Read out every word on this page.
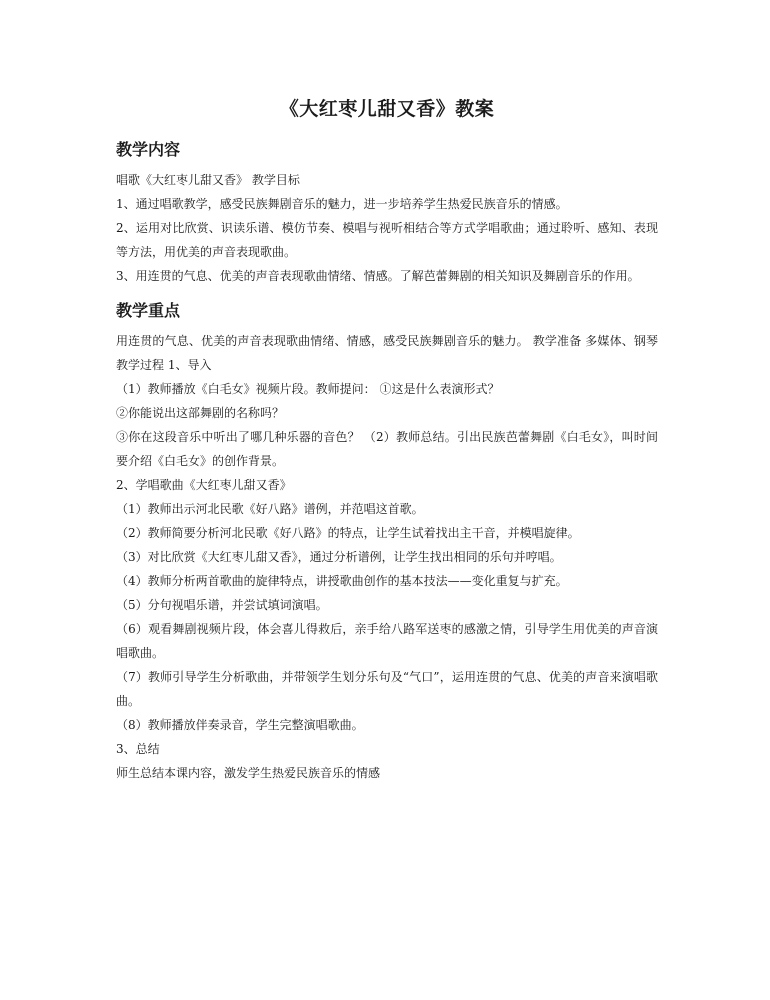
《大红枣儿甜又香》教案
教学内容

唱歌《大红枣儿甜又香》 教学目标

1、通过唱歌教学，感受民族舞剧音乐的魅力，进一步培养学生热爱民族音乐的情感。

2、运用对比欣赏、识读乐谱、模仿节奏、模唱与视听相结合等方式学唱歌曲；通过聆听、感知、表现等方法，用优美的声音表现歌曲。

3、用连贯的气息、优美的声音表现歌曲情绪、情感。了解芭蕾舞剧的相关知识及舞剧音乐的作用。

教学重点

用连贯的气息、优美的声音表现歌曲情绪、情感，感受民族舞剧音乐的魅力。 教学准备 多媒体、钢琴 教学过程 1、导入

（1）教师播放《白毛女》视频片段。教师提问： ①这是什么表演形式？

②你能说出这部舞剧的名称吗？

③你在这段音乐中听出了哪几种乐器的音色？ （2）教师总结。引出民族芭蕾舞剧《白毛女》，叫时间要介绍《白毛女》的创作背景。

2、学唱歌曲《大红枣儿甜又香》

（1）教师出示河北民歌《好八路》谱例，并范唱这首歌。

（2）教师简要分析河北民歌《好八路》的特点，让学生试着找出主干音，并模唱旋律。

（3）对比欣赏《大红枣儿甜又香》，通过分析谱例，让学生找出相同的乐句并哼唱。

（4）教师分析两首歌曲的旋律特点，讲授歌曲创作的基本技法——变化重复与扩充。

（5）分句视唱乐谱，并尝试填词演唱。

（6）观看舞剧视频片段，体会喜儿得救后，亲手给八路军送枣的感激之情，引导学生用优美的声音演唱歌曲。

（7）教师引导学生分析歌曲，并带领学生划分乐句及“气口”，运用连贯的气息、优美的声音来演唱歌曲。

（8）教师播放伴奏录音，学生完整演唱歌曲。

3、总结

师生总结本课内容，激发学生热爱民族音乐的情感
